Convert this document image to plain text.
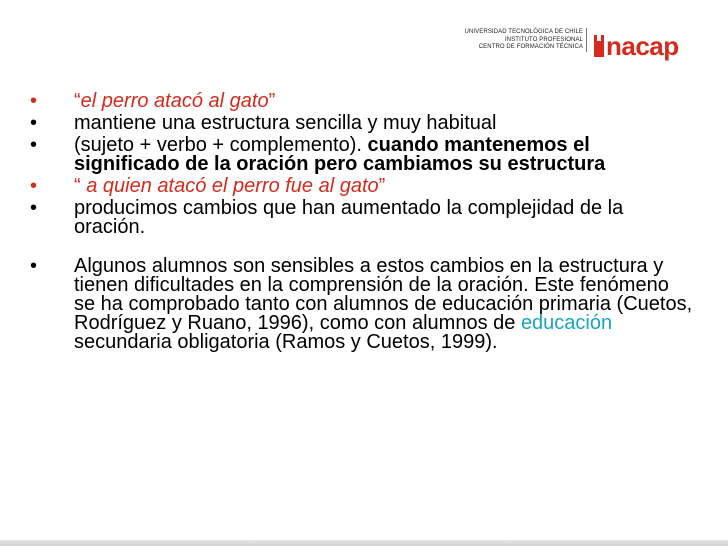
UNIVERSIDAD TECNOLÓGICA DE CHILE
INSTITUTO PROFESIONAL
CENTRO DE FORMACIÓN TÉCNICA nacap
•	“el perro atacó al gato”
•	mantiene una estructura sencilla y muy habitual
•	(sujeto + verbo + complemento). cuando mantenemos el significado de la oración pero cambiamos su estructura
•	“ a quien atacó el perro fue al gato”
•	producimos cambios que han aumentado la complejidad de la oración.
•	Algunos alumnos son sensibles a estos cambios en la estructura y tienen dificultades en la comprensión de la oración. Este fenómeno se ha comprobado tanto con alumnos de educación primaria (Cuetos, Rodríguez y Ruano, 1996), como con alumnos de educación secundaria obligatoria (Ramos y Cuetos, 1999).
